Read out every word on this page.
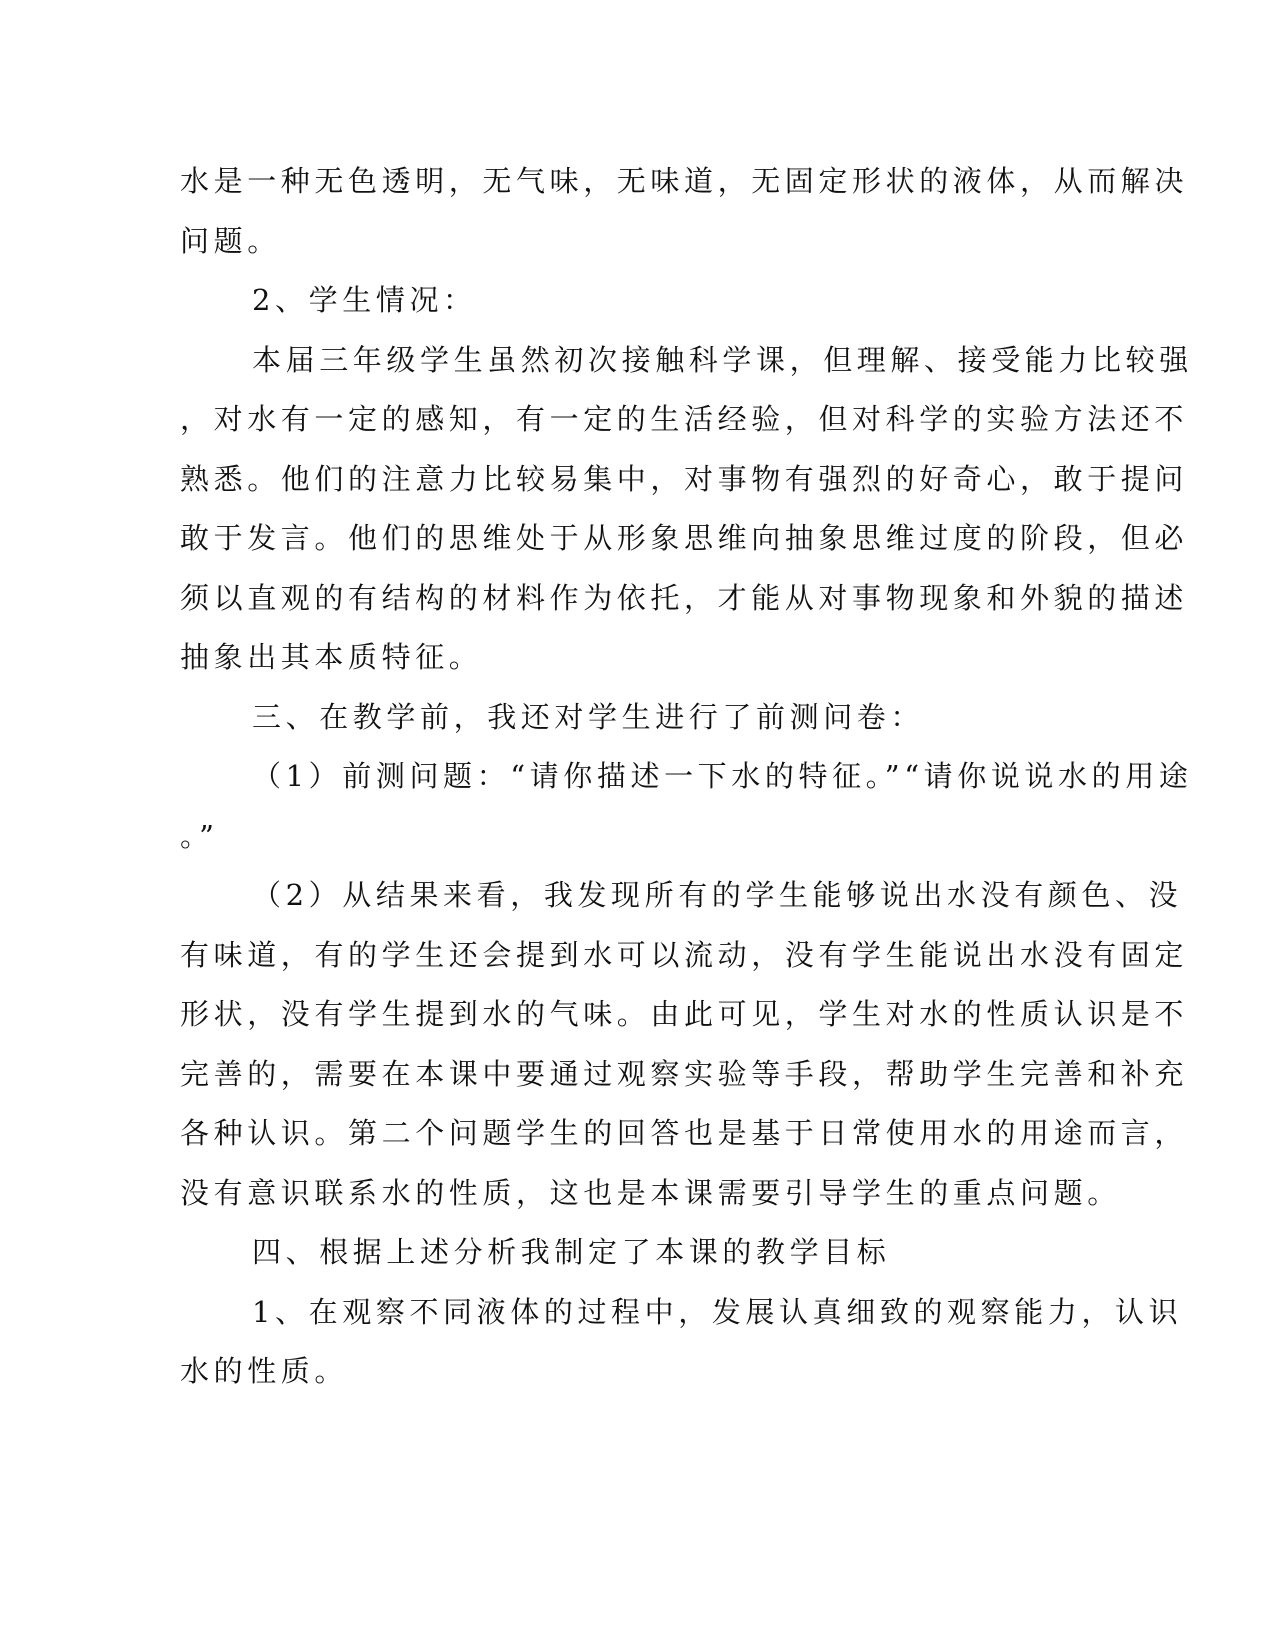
水是一种无色透明，无气味，无味道，无固定形状的液体，从而解决
问题。
2、学生情况：
本届三年级学生虽然初次接触科学课，但理解、接受能力比较强
，对水有一定的感知，有一定的生活经验，但对科学的实验方法还不
熟悉。他们的注意力比较易集中，对事物有强烈的好奇心，敢于提问
敢于发言。他们的思维处于从形象思维向抽象思维过度的阶段，但必
须以直观的有结构的材料作为依托，才能从对事物现象和外貌的描述
抽象出其本质特征。
三、在教学前，我还对学生进行了前测问卷：
（1）前测问题：“请你描述一下水的特征。”“请你说说水的用途
。”
（2）从结果来看，我发现所有的学生能够说出水没有颜色、没
有味道，有的学生还会提到水可以流动，没有学生能说出水没有固定
形状，没有学生提到水的气味。由此可见，学生对水的性质认识是不
完善的，需要在本课中要通过观察实验等手段，帮助学生完善和补充
各种认识。第二个问题学生的回答也是基于日常使用水的用途而言，
没有意识联系水的性质，这也是本课需要引导学生的重点问题。
四、根据上述分析我制定了本课的教学目标
1、在观察不同液体的过程中，发展认真细致的观察能力，认识
水的性质。
